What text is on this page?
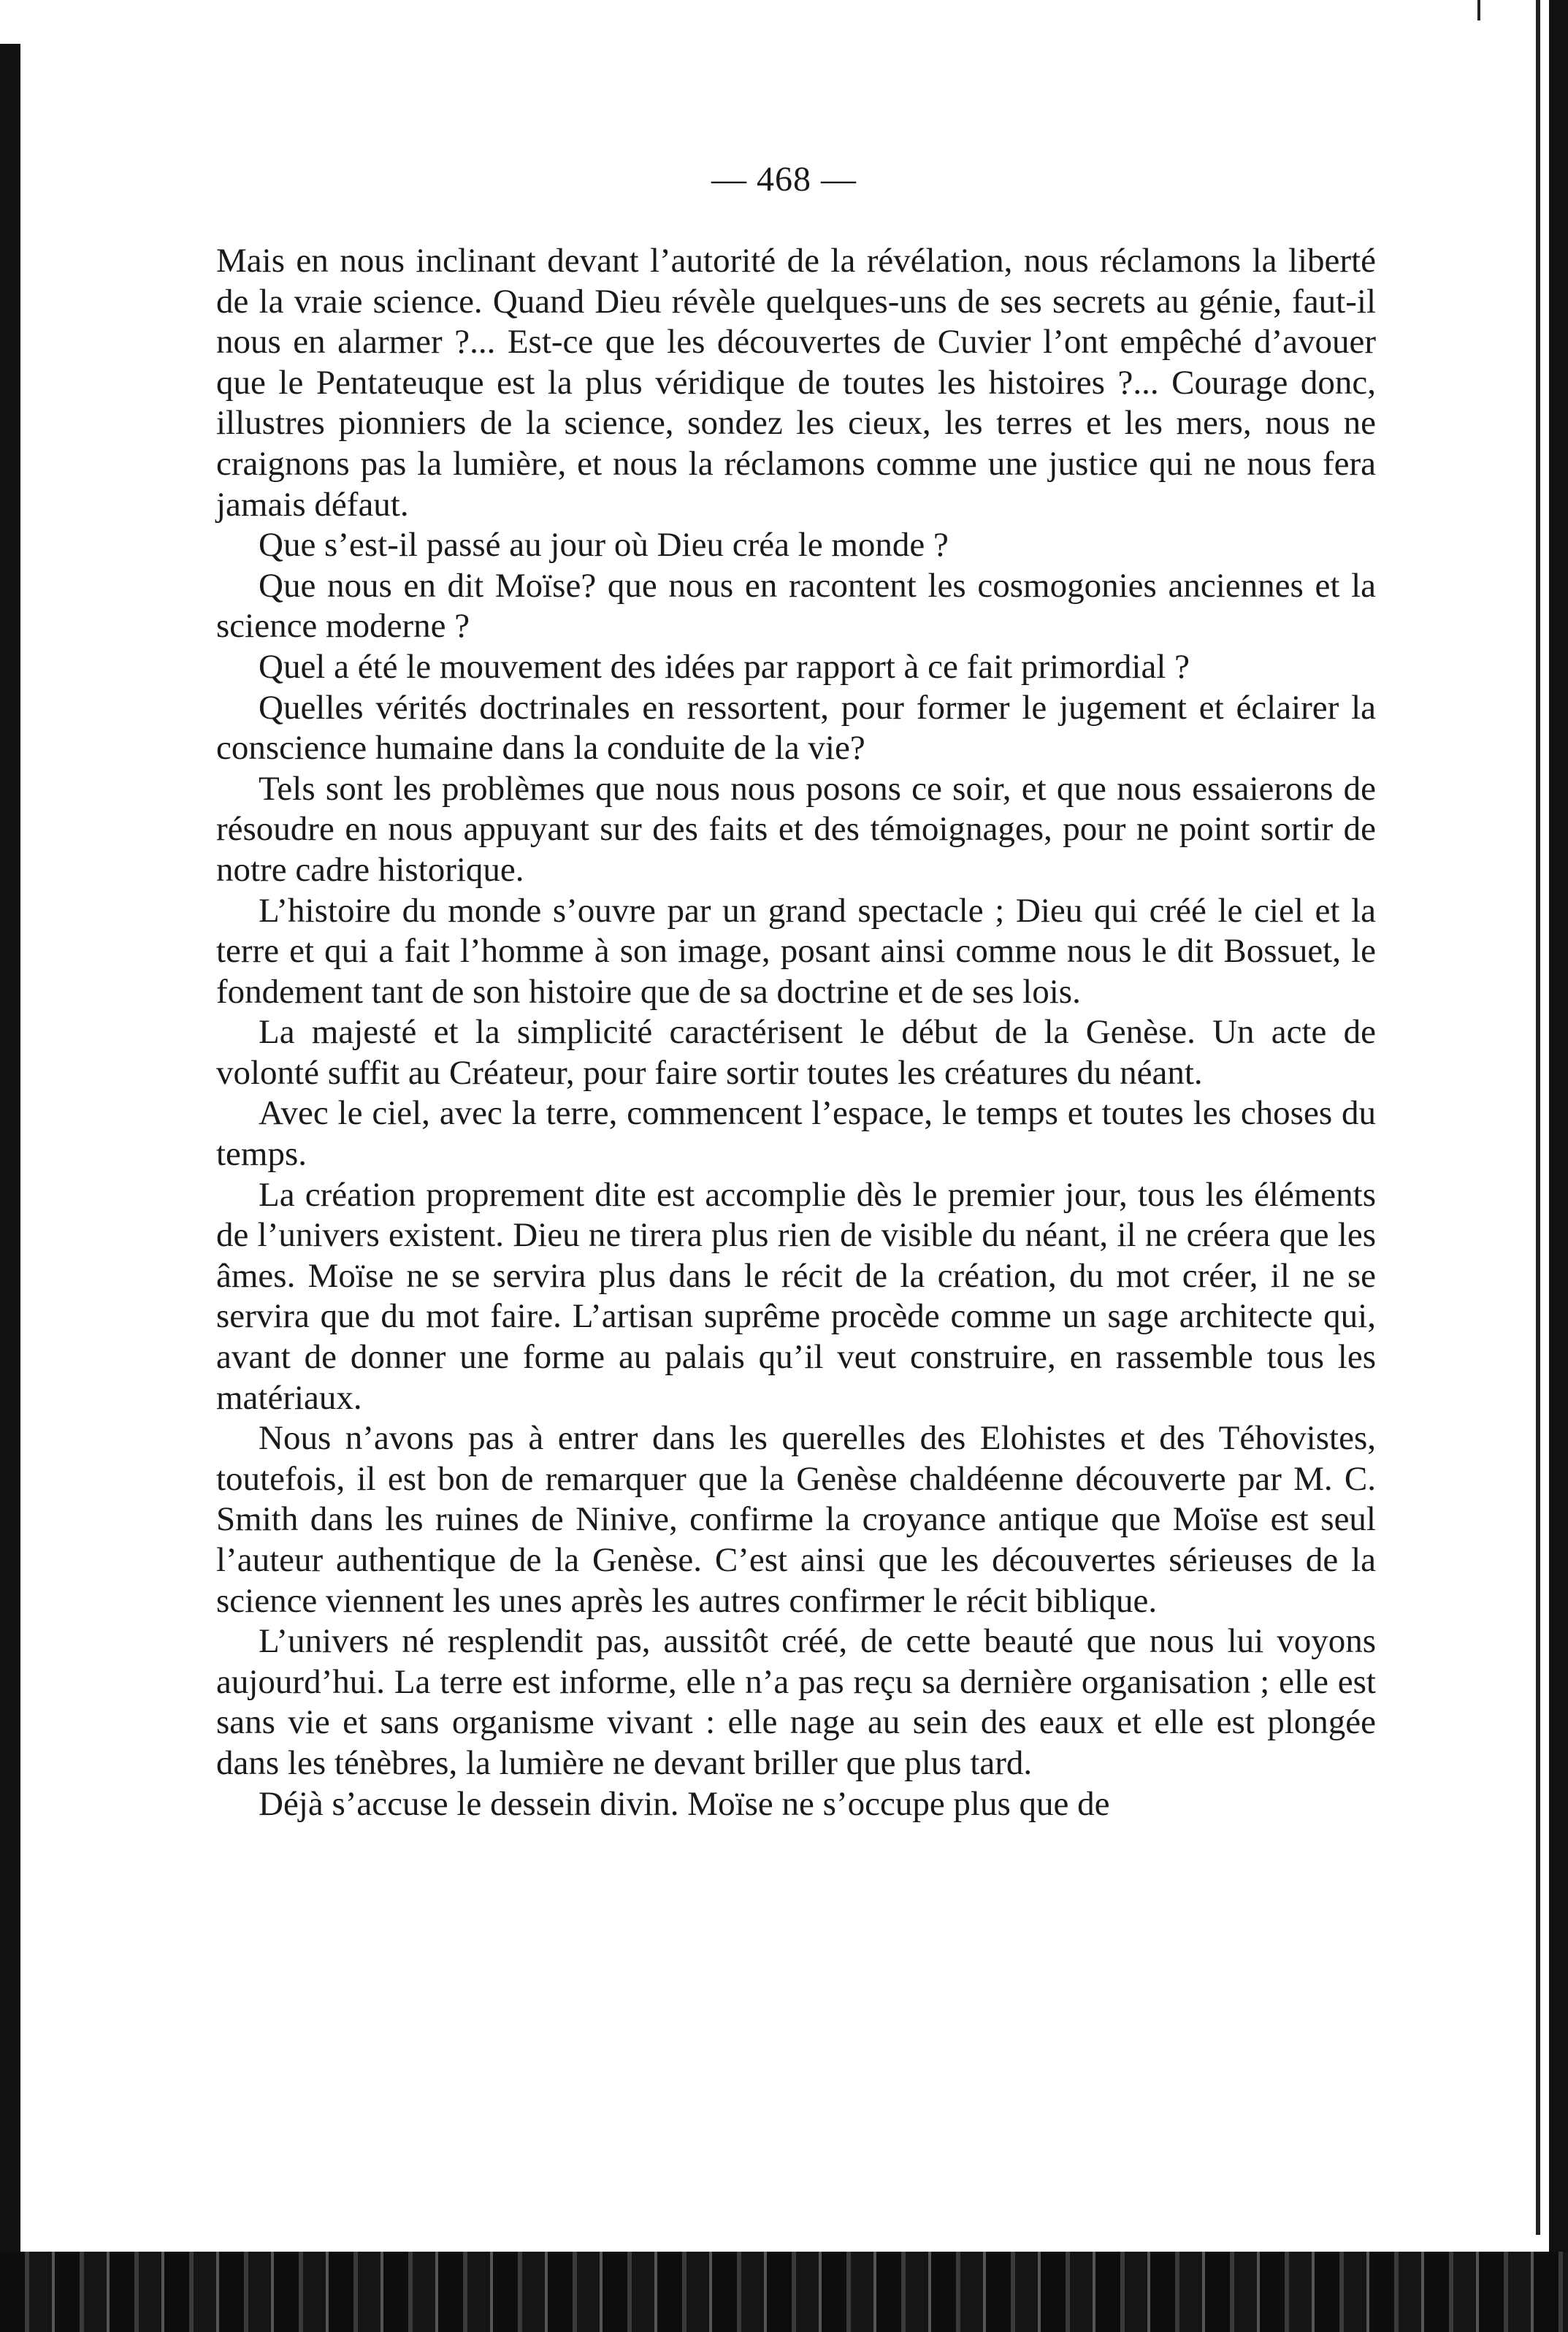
— 468 —

Mais en nous inclinant devant l’autorité de la révélation, nous réclamons la liberté de la vraie science. Quand Dieu révèle quelques-uns de ses secrets au génie, faut-il nous en alarmer ?... Est-ce que les découvertes de Cuvier l’ont empêché d’avouer que le Pentateuque est la plus véridique de toutes les histoires ?... Courage donc, illustres pionniers de la science, sondez les cieux, les terres et les mers, nous ne craignons pas la lumière, et nous la réclamons comme une justice qui ne nous fera jamais défaut.

Que s’est-il passé au jour où Dieu créa le monde ?

Que nous en dit Moïse? que nous en racontent les cosmogonies anciennes et la science moderne ?

Quel a été le mouvement des idées par rapport à ce fait primordial ?

Quelles vérités doctrinales en ressortent, pour former le jugement et éclairer la conscience humaine dans la conduite de la vie?

Tels sont les problèmes que nous nous posons ce soir, et que nous essaierons de résoudre en nous appuyant sur des faits et des témoignages, pour ne point sortir de notre cadre historique.

L’histoire du monde s’ouvre par un grand spectacle ; Dieu qui créé le ciel et la terre et qui a fait l’homme à son image, posant ainsi comme nous le dit Bossuet, le fondement tant de son histoire que de sa doctrine et de ses lois.

La majesté et la simplicité caractérisent le début de la Genèse. Un acte de volonté suffit au Créateur, pour faire sortir toutes les créatures du néant.

Avec le ciel, avec la terre, commencent l’espace, le temps et toutes les choses du temps.

La création proprement dite est accomplie dès le premier jour, tous les éléments de l’univers existent. Dieu ne tirera plus rien de visible du néant, il ne créera que les âmes. Moïse ne se servira plus dans le récit de la création, du mot créer, il ne se servira que du mot faire. L’artisan suprême procède comme un sage architecte qui, avant de donner une forme au palais qu’il veut construire, en rassemble tous les matériaux.

Nous n’avons pas à entrer dans les querelles des Elohistes et des Téhovistes, toutefois, il est bon de remarquer que la Genèse chaldéenne découverte par M. C. Smith dans les ruines de Ninive, confirme la croyance antique que Moïse est seul l’auteur authentique de la Genèse. C’est ainsi que les découvertes sérieuses de la science viennent les unes après les autres confirmer le récit biblique.

L’univers né resplendit pas, aussitôt créé, de cette beauté que nous lui voyons aujourd’hui. La terre est informe, elle n’a pas reçu sa dernière organisation ; elle est sans vie et sans organisme vivant : elle nage au sein des eaux et elle est plongée dans les ténèbres, la lumière ne devant briller que plus tard.

Déjà s’accuse le dessein divin. Moïse ne s’occupe plus que de
